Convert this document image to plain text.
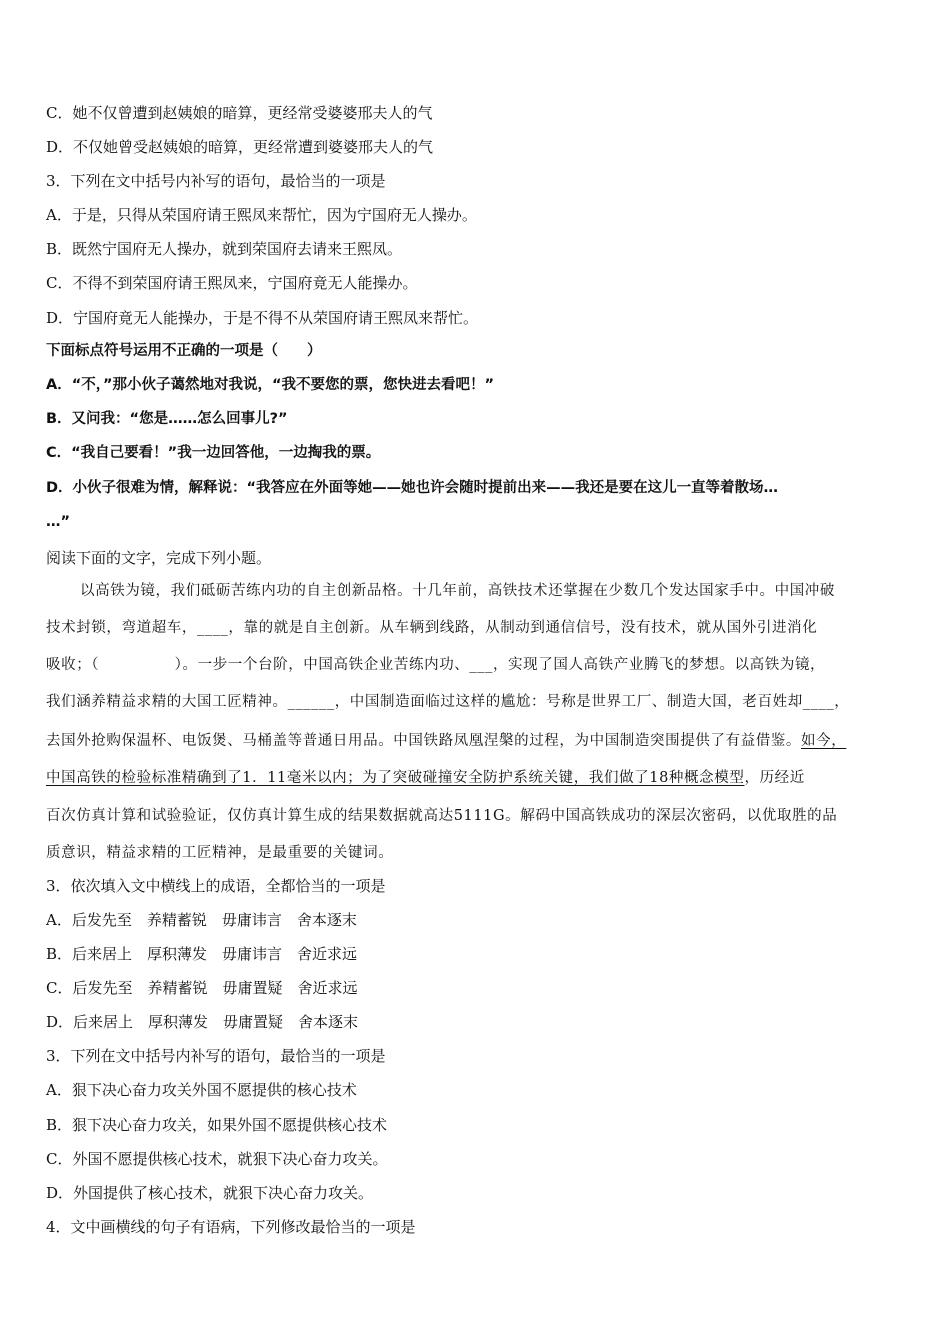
C．她不仅曾遭到赵姨娘的暗算，更经常受婆婆邢夫人的气
D．不仅她曾受赵姨娘的暗算，更经常遭到婆婆邢夫人的气
3．下列在文中括号内补写的语句，最恰当的一项是
A．于是，只得从荣国府请王熙凤来帮忙，因为宁国府无人操办。
B．既然宁国府无人操办，就到荣国府去请来王熙凤。
C．不得不到荣国府请王熙凤来，宁国府竟无人能操办。
D．宁国府竟无人能操办，于是不得不从荣国府请王熙凤来帮忙。
下面标点符号运用不正确的一项是（　　）
A．“不，”那小伙子蔼然地对我说，“我不要您的票，您快进去看吧！”
B．又问我：“您是……怎么回事儿?”
C．“我自己要看！”我一边回答他，一边掏我的票。
D．小伙子很难为情，解释说：“我答应在外面等她——她也许会随时提前出来——我还是要在这儿一直等着散场…
…”
阅读下面的文字，完成下列小题。
以高铁为镜，我们砥砺苦练内功的自主创新品格。十几年前，高铁技术还掌握在少数几个发达国家手中。中国冲破
技术封锁，弯道超车，____，靠的就是自主创新。从车辆到线路，从制动到通信信号，没有技术，就从国外引进消化
吸收；（　　　　　）。一步一个台阶，中国高铁企业苦练内功、___，实现了国人高铁产业腾飞的梦想。以高铁为镜，
我们涵养精益求精的大国工匠精神。______，中国制造面临过这样的尴尬：号称是世界工厂、制造大国，老百姓却____，
去国外抢购保温杯、电饭煲、马桶盖等普通日用品。中国铁路凤凰涅槃的过程，为中国制造突围提供了有益借鉴。如今，
中国高铁的检验标准精确到了1．11毫米以内；为了突破碰撞安全防护系统关键，我们做了18种概念模型，历经近
百次仿真计算和试验验证，仅仿真计算生成的结果数据就高达5111G。解码中国高铁成功的深层次密码，以优取胜的品
质意识，精益求精的工匠精神，是最重要的关键词。
3．依次填入文中横线上的成语，全都恰当的一项是
A．后发先至　养精蓄锐　毋庸讳言　舍本逐末
B．后来居上　厚积薄发　毋庸讳言　舍近求远
C．后发先至　养精蓄锐　毋庸置疑　舍近求远
D．后来居上　厚积薄发　毋庸置疑　舍本逐末
3．下列在文中括号内补写的语句，最恰当的一项是
A．狠下决心奋力攻关外国不愿提供的核心技术
B．狠下决心奋力攻关，如果外国不愿提供核心技术
C．外国不愿提供核心技术，就狠下决心奋力攻关。
D．外国提供了核心技术，就狠下决心奋力攻关。
4．文中画横线的句子有语病，下列修改最恰当的一项是
